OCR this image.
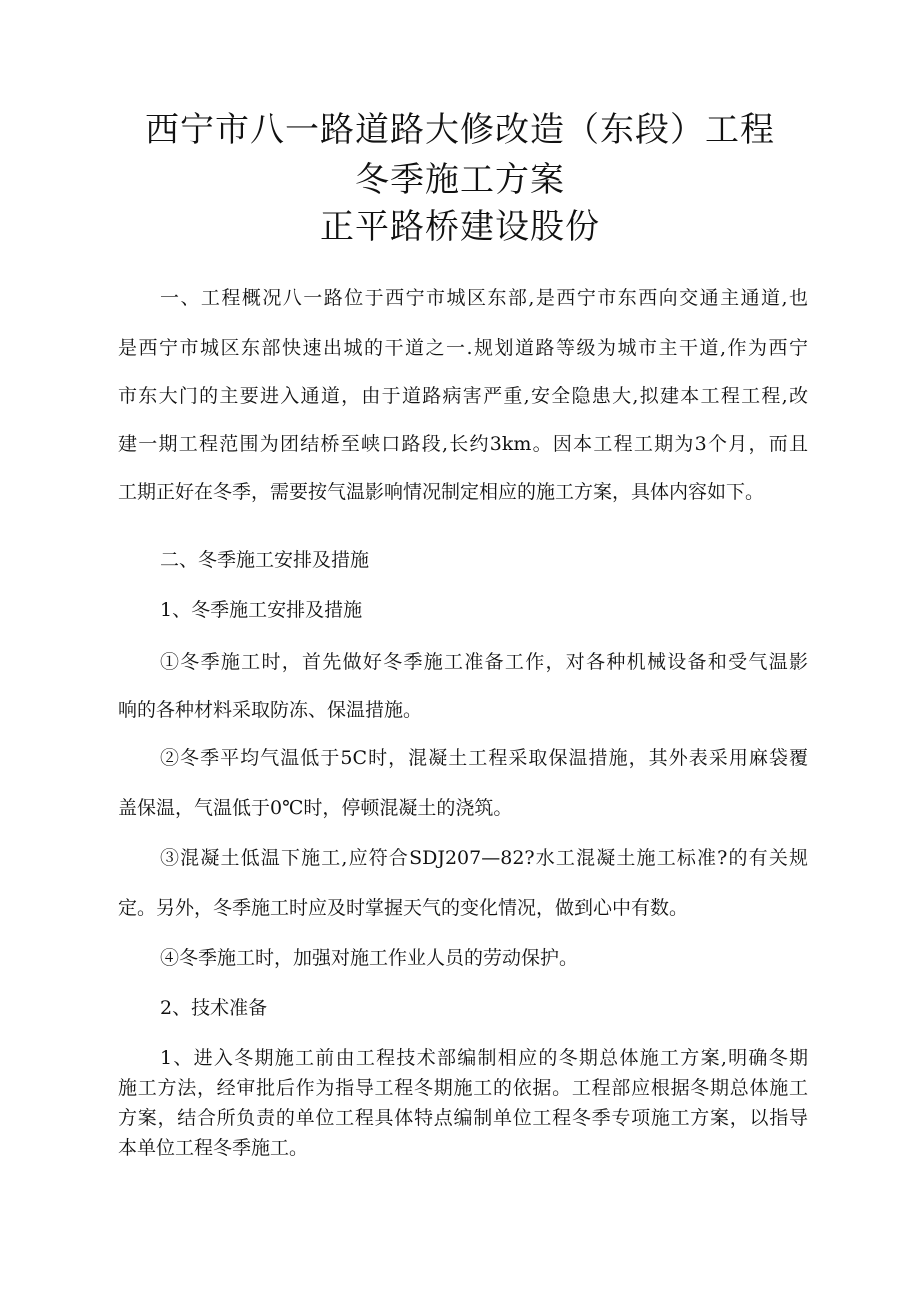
西宁市八一路道路大修改造（东段）工程
冬季施工方案
正平路桥建设股份
一、工程概况八一路位于西宁市城区东部,是西宁市东西向交通主通道,也
是西宁市城区东部快速出城的干道之一.规划道路等级为城市主干道,作为西宁
市东大门的主要进入通道，由于道路病害严重,安全隐患大,拟建本工程工程,改
建一期工程范围为团结桥至峡口路段,长约3km。因本工程工期为3个月，而且
工期正好在冬季，需要按气温影响情况制定相应的施工方案，具体内容如下。
二、冬季施工安排及措施
1、冬季施工安排及措施
①冬季施工时，首先做好冬季施工准备工作，对各种机械设备和受气温影
响的各种材料采取防冻、保温措施。
②冬季平均气温低于5C时，混凝土工程采取保温措施，其外表采用麻袋覆
盖保温，气温低于0℃时，停顿混凝土的浇筑。
③混凝土低温下施工,应符合SDJ207—82?水工混凝土施工标准?的有关规
定。另外，冬季施工时应及时掌握天气的变化情况，做到心中有数。
④冬季施工时，加强对施工作业人员的劳动保护。
2、技术准备
1、进入冬期施工前由工程技术部编制相应的冬期总体施工方案,明确冬期
施工方法，经审批后作为指导工程冬期施工的依据。工程部应根据冬期总体施工
方案，结合所负责的单位工程具体特点编制单位工程冬季专项施工方案，以指导
本单位工程冬季施工。
